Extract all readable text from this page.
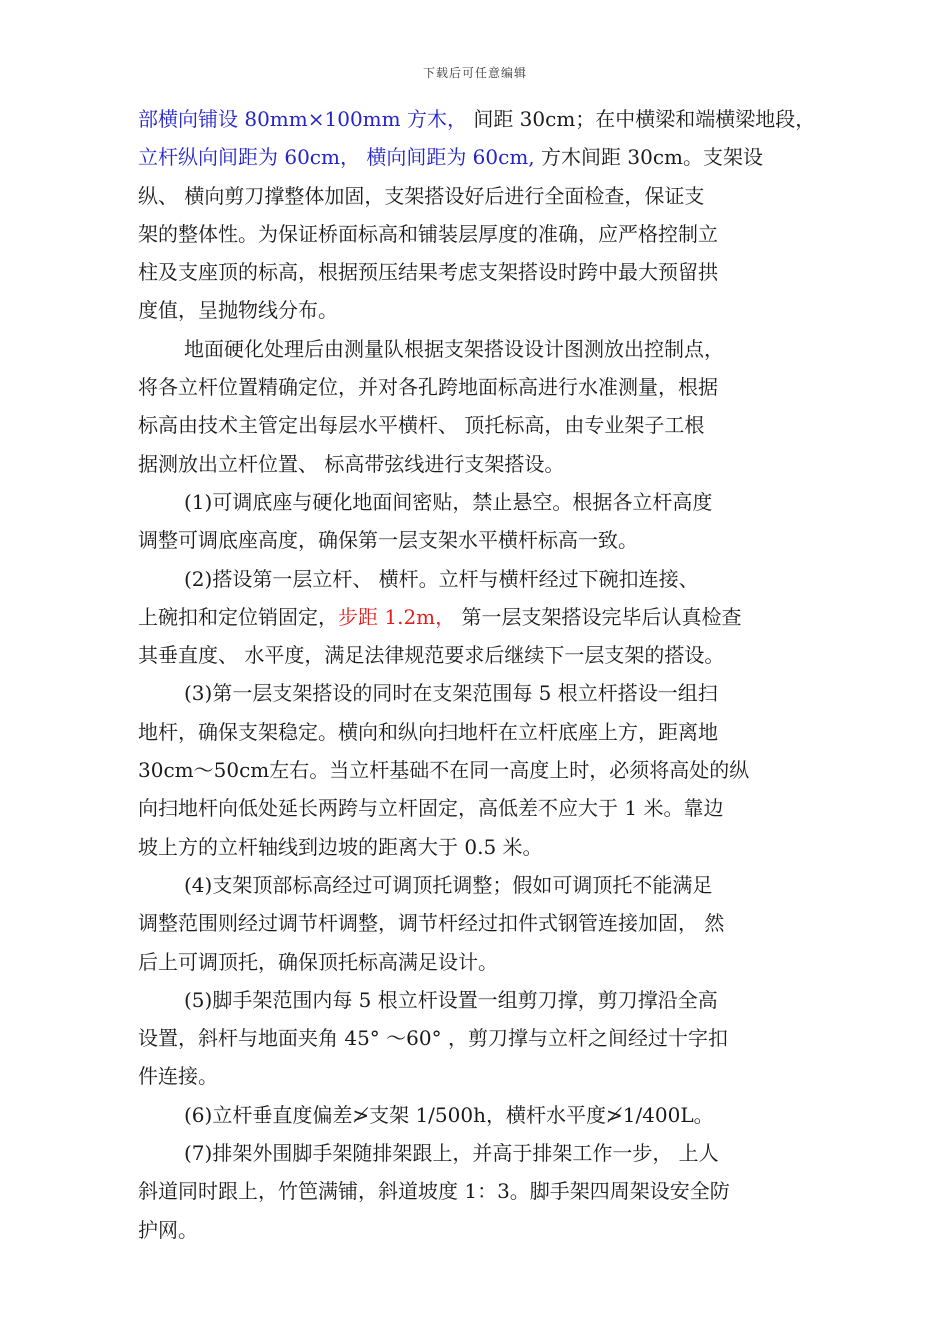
下载后可任意编辑
部横向铺设 80mm×100mm 方木， 间距 30cm；在中横梁和端横梁地段，
立杆纵向间距为 60cm， 横向间距为 60cm, 方木间距 30cm。支架设
纵、 横向剪刀撑整体加固，支架搭设好后进行全面检查，保证支
架的整体性。为保证桥面标高和铺装层厚度的准确，应严格控制立
柱及支座顶的标高，根据预压结果考虑支架搭设时跨中最大预留拱
度值，呈抛物线分布。
地面硬化处理后由测量队根据支架搭设设计图测放出控制点，
将各立杆位置精确定位，并对各孔跨地面标高进行水准测量，根据
标高由技术主管定出每层水平横杆、 顶托标高，由专业架子工根
据测放出立杆位置、 标高带弦线进行支架搭设。
(1)可调底座与硬化地面间密贴，禁止悬空。根据各立杆高度
调整可调底座高度，确保第一层支架水平横杆标高一致。
(2)搭设第一层立杆、 横杆。立杆与横杆经过下碗扣连接、
上碗扣和定位销固定，步距 1.2m， 第一层支架搭设完毕后认真检查
其垂直度、 水平度，满足法律规范要求后继续下一层支架的搭设。
(3)第一层支架搭设的同时在支架范围每 5 根立杆搭设一组扫
地杆，确保支架稳定。横向和纵向扫地杆在立杆底座上方，距离地
30cm～50cm左右。当立杆基础不在同一高度上时，必须将高处的纵
向扫地杆向低处延长两跨与立杆固定，高低差不应大于 1 米。靠边
坡上方的立杆轴线到边坡的距离大于 0.5 米。
(4)支架顶部标高经过可调顶托调整；假如可调顶托不能满足
调整范围则经过调节杆调整，调节杆经过扣件式钢管连接加固， 然
后上可调顶托，确保顶托标高满足设计。
(5)脚手架范围内每 5 根立杆设置一组剪刀撑，剪刀撑沿全高
设置，斜杆与地面夹角 45° ～60° ，剪刀撑与立杆之间经过十字扣
件连接。
(6)立杆垂直度偏差≯支架 1/500h，横杆水平度≯1/400L。
(7)排架外围脚手架随排架跟上，并高于排架工作一步， 上人
斜道同时跟上，竹笆满铺，斜道坡度 1：3。脚手架四周架设安全防
护网。
